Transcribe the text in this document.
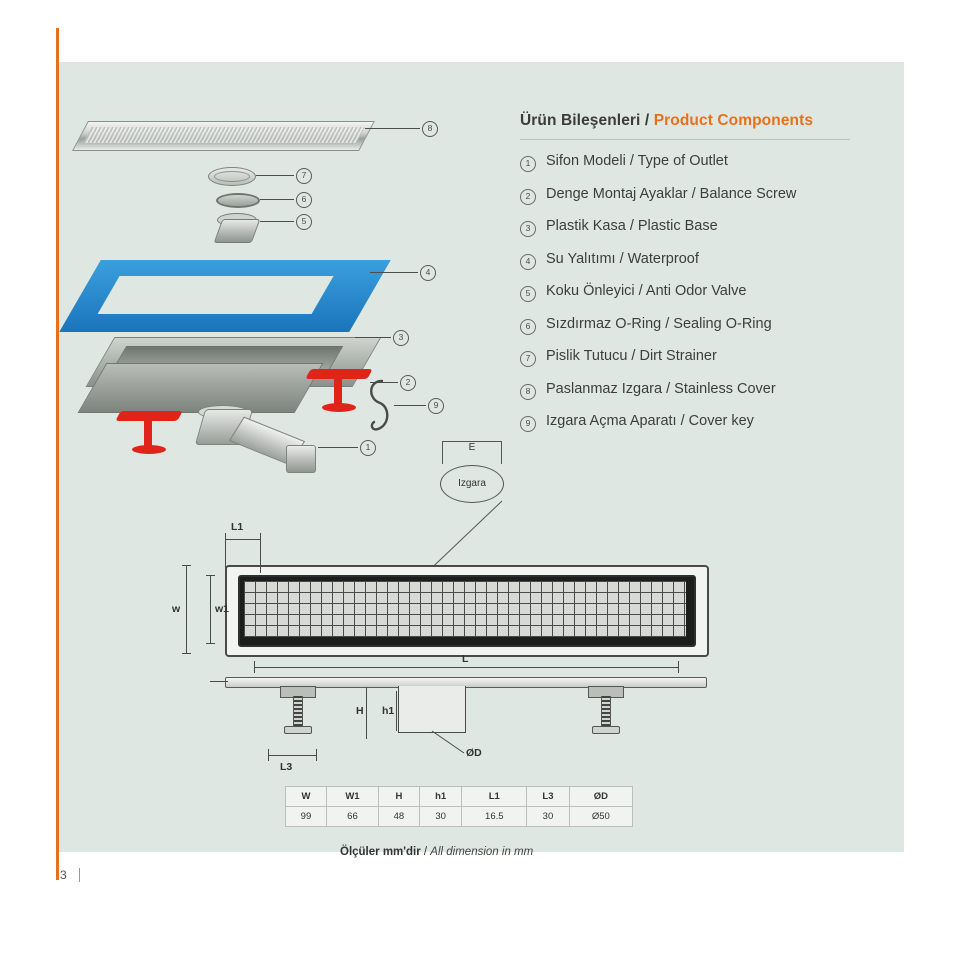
8
7
6
5
4
3
2
9
1
Ürün Bileşenleri / Product Components
1	Sifon Modeli / Type of Outlet
2	Denge Montaj Ayaklar / Balance Screw
3	Plastik Kasa / Plastic Base
4	Su Yalıtımı / Waterproof
5	Koku Önleyici / Anti Odor Valve
6	Sızdırmaz O-Ring / Sealing O-Ring
7	Pislik Tutucu / Dirt Strainer
8	Paslanmaz Izgara / Stainless Cover
9	Izgara Açma Aparatı / Cover key
E
Izgara
L1
w	w1
L
ØD
H h1
L3
W	W1	H	h1	L1	L3	ØD
99	66	48	30	16.5	30	Ø50
Ölçüler mm'dir / All dimension in mm
3
